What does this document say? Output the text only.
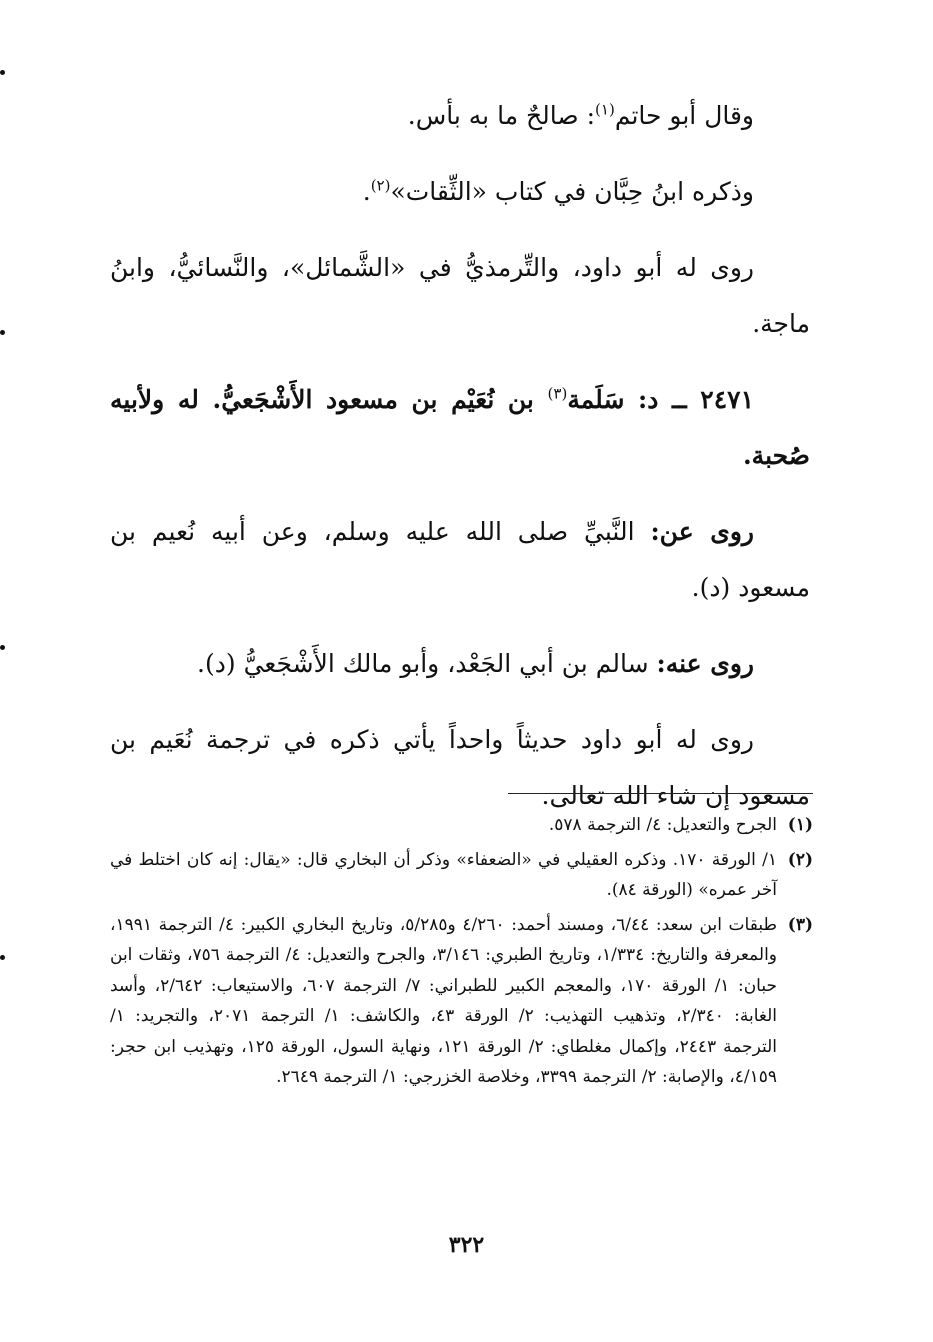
وقال أبو حاتم$^{(١)}$: صالحٌ ما به بأس.

وذكره ابنُ حِبَّان في كتاب «الثِّقات»$^{(٢)}$.

روى له أبو داود، والتِّرمذيُّ في «الشَّمائل»، والنَّسائيُّ، وابنُ ماجة.

٢٤٧١ ــ د: سَلَمة$^{(٣)}$ بن نُعَيْم بن مسعود الأَشْجَعيُّ. له ولأبيه صُحبة.

روى عن: النَّبيِّ صلى الله عليه وسلم، وعن أبيه نُعيم بن مسعود (د).

روى عنه: سالم بن أبي الجَعْد، وأبو مالك الأَشْجَعيُّ (د).

روى له أبو داود حديثاً واحداً يأتي ذكره في ترجمة نُعَيم بن مسعود إن شاء الله تعالى.

(١)
الجرح والتعديل: ٤/ الترجمة ٥٧٨.
(٢)
١/ الورقة ١٧٠. وذكره العقيلي في «الضعفاء» وذكر أن البخاري قال: «يقال: إنه كان اختلط في آخر عمره» (الورقة ٨٤).
(٣)
طبقات ابن سعد: ٦/٤٤، ومسند أحمد: ٤/٢٦٠ و٥/٢٨٥، وتاريخ البخاري الكبير: ٤/ الترجمة ١٩٩١، والمعرفة والتاريخ: ١/٣٣٤، وتاريخ الطبري: ٣/١٤٦، والجرح والتعديل: ٤/ الترجمة ٧٥٦، وثقات ابن حبان: ١/ الورقة ١٧٠، والمعجم الكبير للطبراني: ٧/ الترجمة ٦٠٧، والاستيعاب: ٢/٦٤٢، وأسد الغابة: ٢/٣٤٠، وتذهيب التهذيب: ٢/ الورقة ٤٣، والكاشف: ١/ الترجمة ٢٠٧١، والتجريد: ١/ الترجمة ٢٤٤٣، وإكمال مغلطاي: ٢/ الورقة ١٢١، ونهاية السول، الورقة ١٢٥، وتهذيب ابن حجر: ٤/١٥٩، والإصابة: ٢/ الترجمة ٣٣٩٩، وخلاصة الخزرجي: ١/ الترجمة ٢٦٤٩.
٣٢٢
